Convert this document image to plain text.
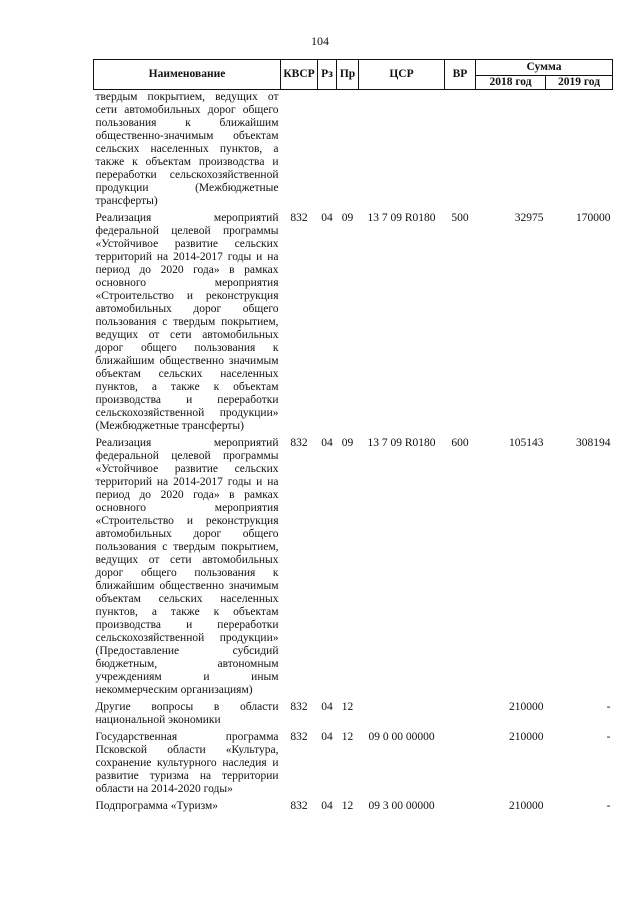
104
Наименование	КВСР	Рз	Пр	ЦСР	ВР	Сумма	
						2018 год	2019 год
твердым покрытием, ведущих от сети автомобильных дорог общего пользования к ближайшим общественно-значимым объектам сельских населенных пунктов, а также к объектам производства и переработки сельскохозяйственной продукции (Межбюджетные трансферты)							
Реализация мероприятий федеральной целевой программы «Устойчивое развитие сельских территорий на 2014-2017 годы и на период до 2020 года» в рамках основного мероприятия «Строительство и реконструкция автомобильных дорог общего пользования с твердым покрытием, ведущих от сети автомобильных дорог общего пользования к ближайшим общественно значимым объектам сельских населенных пунктов, а также к объектам производства и переработки сельскохозяйственной продукции» (Межбюджетные трансферты)	832	04	09	13 7 09 R0180	500	32975	170000
Реализация мероприятий федеральной целевой программы «Устойчивое развитие сельских территорий на 2014-2017 годы и на период до 2020 года» в рамках основного мероприятия «Строительство и реконструкция автомобильных дорог общего пользования с твердым покрытием, ведущих от сети автомобильных дорог общего пользования к ближайшим общественно значимым объектам сельских населенных пунктов, а также к объектам производства и переработки сельскохозяйственной продукции» (Предоставление субсидий бюджетным, автономным учреждениям и иным некоммерческим организациям)	832	04	09	13 7 09 R0180	600	105143	308194
Другие вопросы в области национальной экономики	832	04	12			210000	-
Государственная программа Псковской области «Культура, сохранение культурного наследия и развитие туризма на территории области на 2014-2020 годы»	832	04	12	09 0 00 00000		210000	-
Подпрограмма «Туризм»	832	04	12	09 3 00 00000		210000	-
